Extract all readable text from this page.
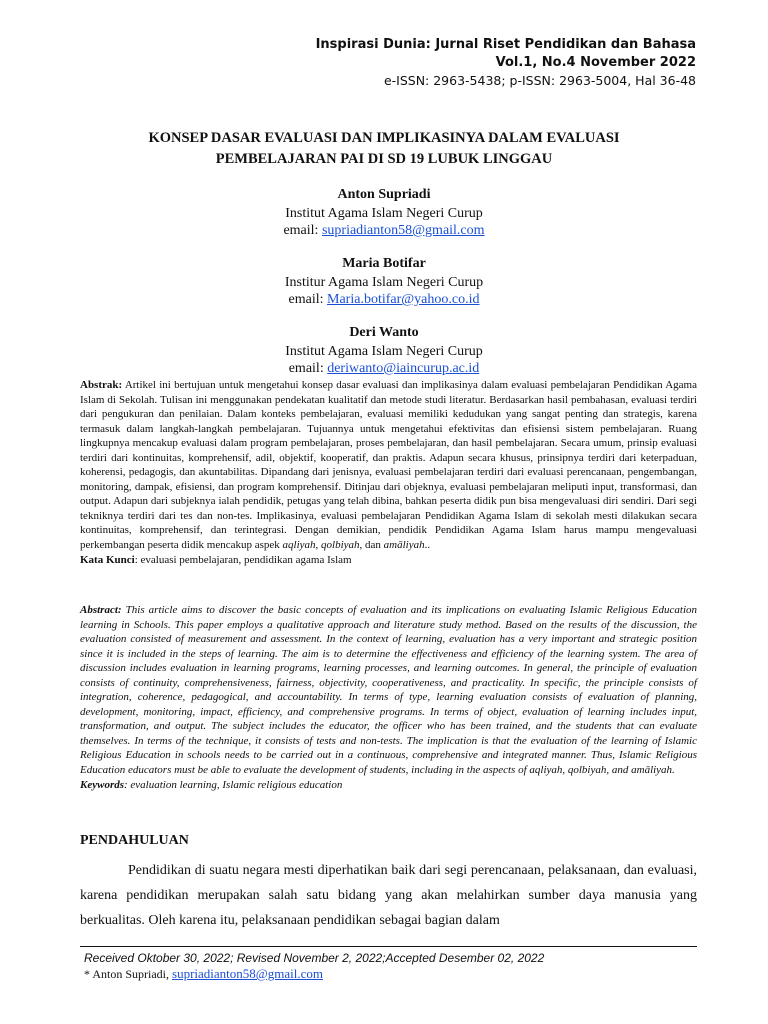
Inspirasi Dunia: Jurnal Riset Pendidikan dan Bahasa
Vol.1, No.4 November 2022
e-ISSN: 2963-5438; p-ISSN: 2963-5004, Hal 36-48
KONSEP DASAR EVALUASI DAN IMPLIKASINYA DALAM EVALUASI
PEMBELAJARAN PAI DI SD 19 LUBUK LINGGAU
Anton Supriadi
Institut Agama Islam Negeri Curup
email: supriadianton58@gmail.com
Maria Botifar
Institur Agama Islam Negeri Curup
email: Maria.botifar@yahoo.co.id
Deri Wanto
Institut Agama Islam Negeri Curup
email: deriwanto@iaincurup.ac.id
Abstrak: Artikel ini bertujuan untuk mengetahui konsep dasar evaluasi dan implikasinya dalam evaluasi pembelajaran Pendidikan Agama Islam di Sekolah. Tulisan ini menggunakan pendekatan kualitatif dan metode studi literatur. Berdasarkan hasil pembahasan, evaluasi terdiri dari pengukuran dan penilaian. Dalam konteks pembelajaran, evaluasi memiliki kedudukan yang sangat penting dan strategis, karena termasuk dalam langkah-langkah pembelajaran. Tujuannya untuk mengetahui efektivitas dan efisiensi sistem pembelajaran. Ruang lingkupnya mencakup evaluasi dalam program pembelajaran, proses pembelajaran, dan hasil pembelajaran. Secara umum, prinsip evaluasi terdiri dari kontinuitas, komprehensif, adil, objektif, kooperatif, dan praktis. Adapun secara khusus, prinsipnya terdiri dari keterpaduan, koherensi, pedagogis, dan akuntabilitas. Dipandang dari jenisnya, evaluasi pembelajaran terdiri dari evaluasi perencanaan, pengembangan, monitoring, dampak, efisiensi, dan program komprehensif. Ditinjau dari objeknya, evaluasi pembelajaran meliputi input, transformasi, dan output. Adapun dari subjeknya ialah pendidik, petugas yang telah dibina, bahkan peserta didik pun bisa mengevaluasi diri sendiri. Dari segi tekniknya terdiri dari tes dan non-tes. Implikasinya, evaluasi pembelajaran Pendidikan Agama Islam di sekolah mesti dilakukan secara kontinuitas, komprehensif, dan terintegrasi. Dengan demikian, pendidik Pendidikan Agama Islam harus mampu mengevaluasi perkembangan peserta didik mencakup aspek aqliyah, qolbiyah, dan amāliyah..
Kata Kunci: evaluasi pembelajaran, pendidikan agama Islam
Abstract: This article aims to discover the basic concepts of evaluation and its implications on evaluating Islamic Religious Education learning in Schools. This paper employs a qualitative approach and literature study method. Based on the results of the discussion, the evaluation consisted of measurement and assessment. In the context of learning, evaluation has a very important and strategic position since it is included in the steps of learning. The aim is to determine the effectiveness and efficiency of the learning system. The area of discussion includes evaluation in learning programs, learning processes, and learning outcomes. In general, the principle of evaluation consists of continuity, comprehensiveness, fairness, objectivity, cooperativeness, and practicality. In specific, the principle consists of integration, coherence, pedagogical, and accountability. In terms of type, learning evaluation consists of evaluation of planning, development, monitoring, impact, efficiency, and comprehensive programs. In terms of object, evaluation of learning includes input, transformation, and output. The subject includes the educator, the officer who has been trained, and the students that can evaluate themselves. In terms of the technique, it consists of tests and non-tests. The implication is that the evaluation of the learning of Islamic Religious Education in schools needs to be carried out in a continuous, comprehensive and integrated manner. Thus, Islamic Religious Education educators must be able to evaluate the development of students, including in the aspects of aqliyah, qolbiyah, and amāliyah.
Keywords: evaluation learning, Islamic religious education
PENDAHULUAN

Pendidikan di suatu negara mesti diperhatikan baik dari segi perencanaan, pelaksanaan, dan evaluasi, karena pendidikan merupakan salah satu bidang yang akan melahirkan sumber daya manusia yang berkualitas. Oleh karena itu, pelaksanaan pendidikan sebagai bagian dalam

Received Oktober 30, 2022; Revised November 2, 2022;Accepted Desember 02, 2022
* Anton Supriadi, supriadianton58@gmail.com
